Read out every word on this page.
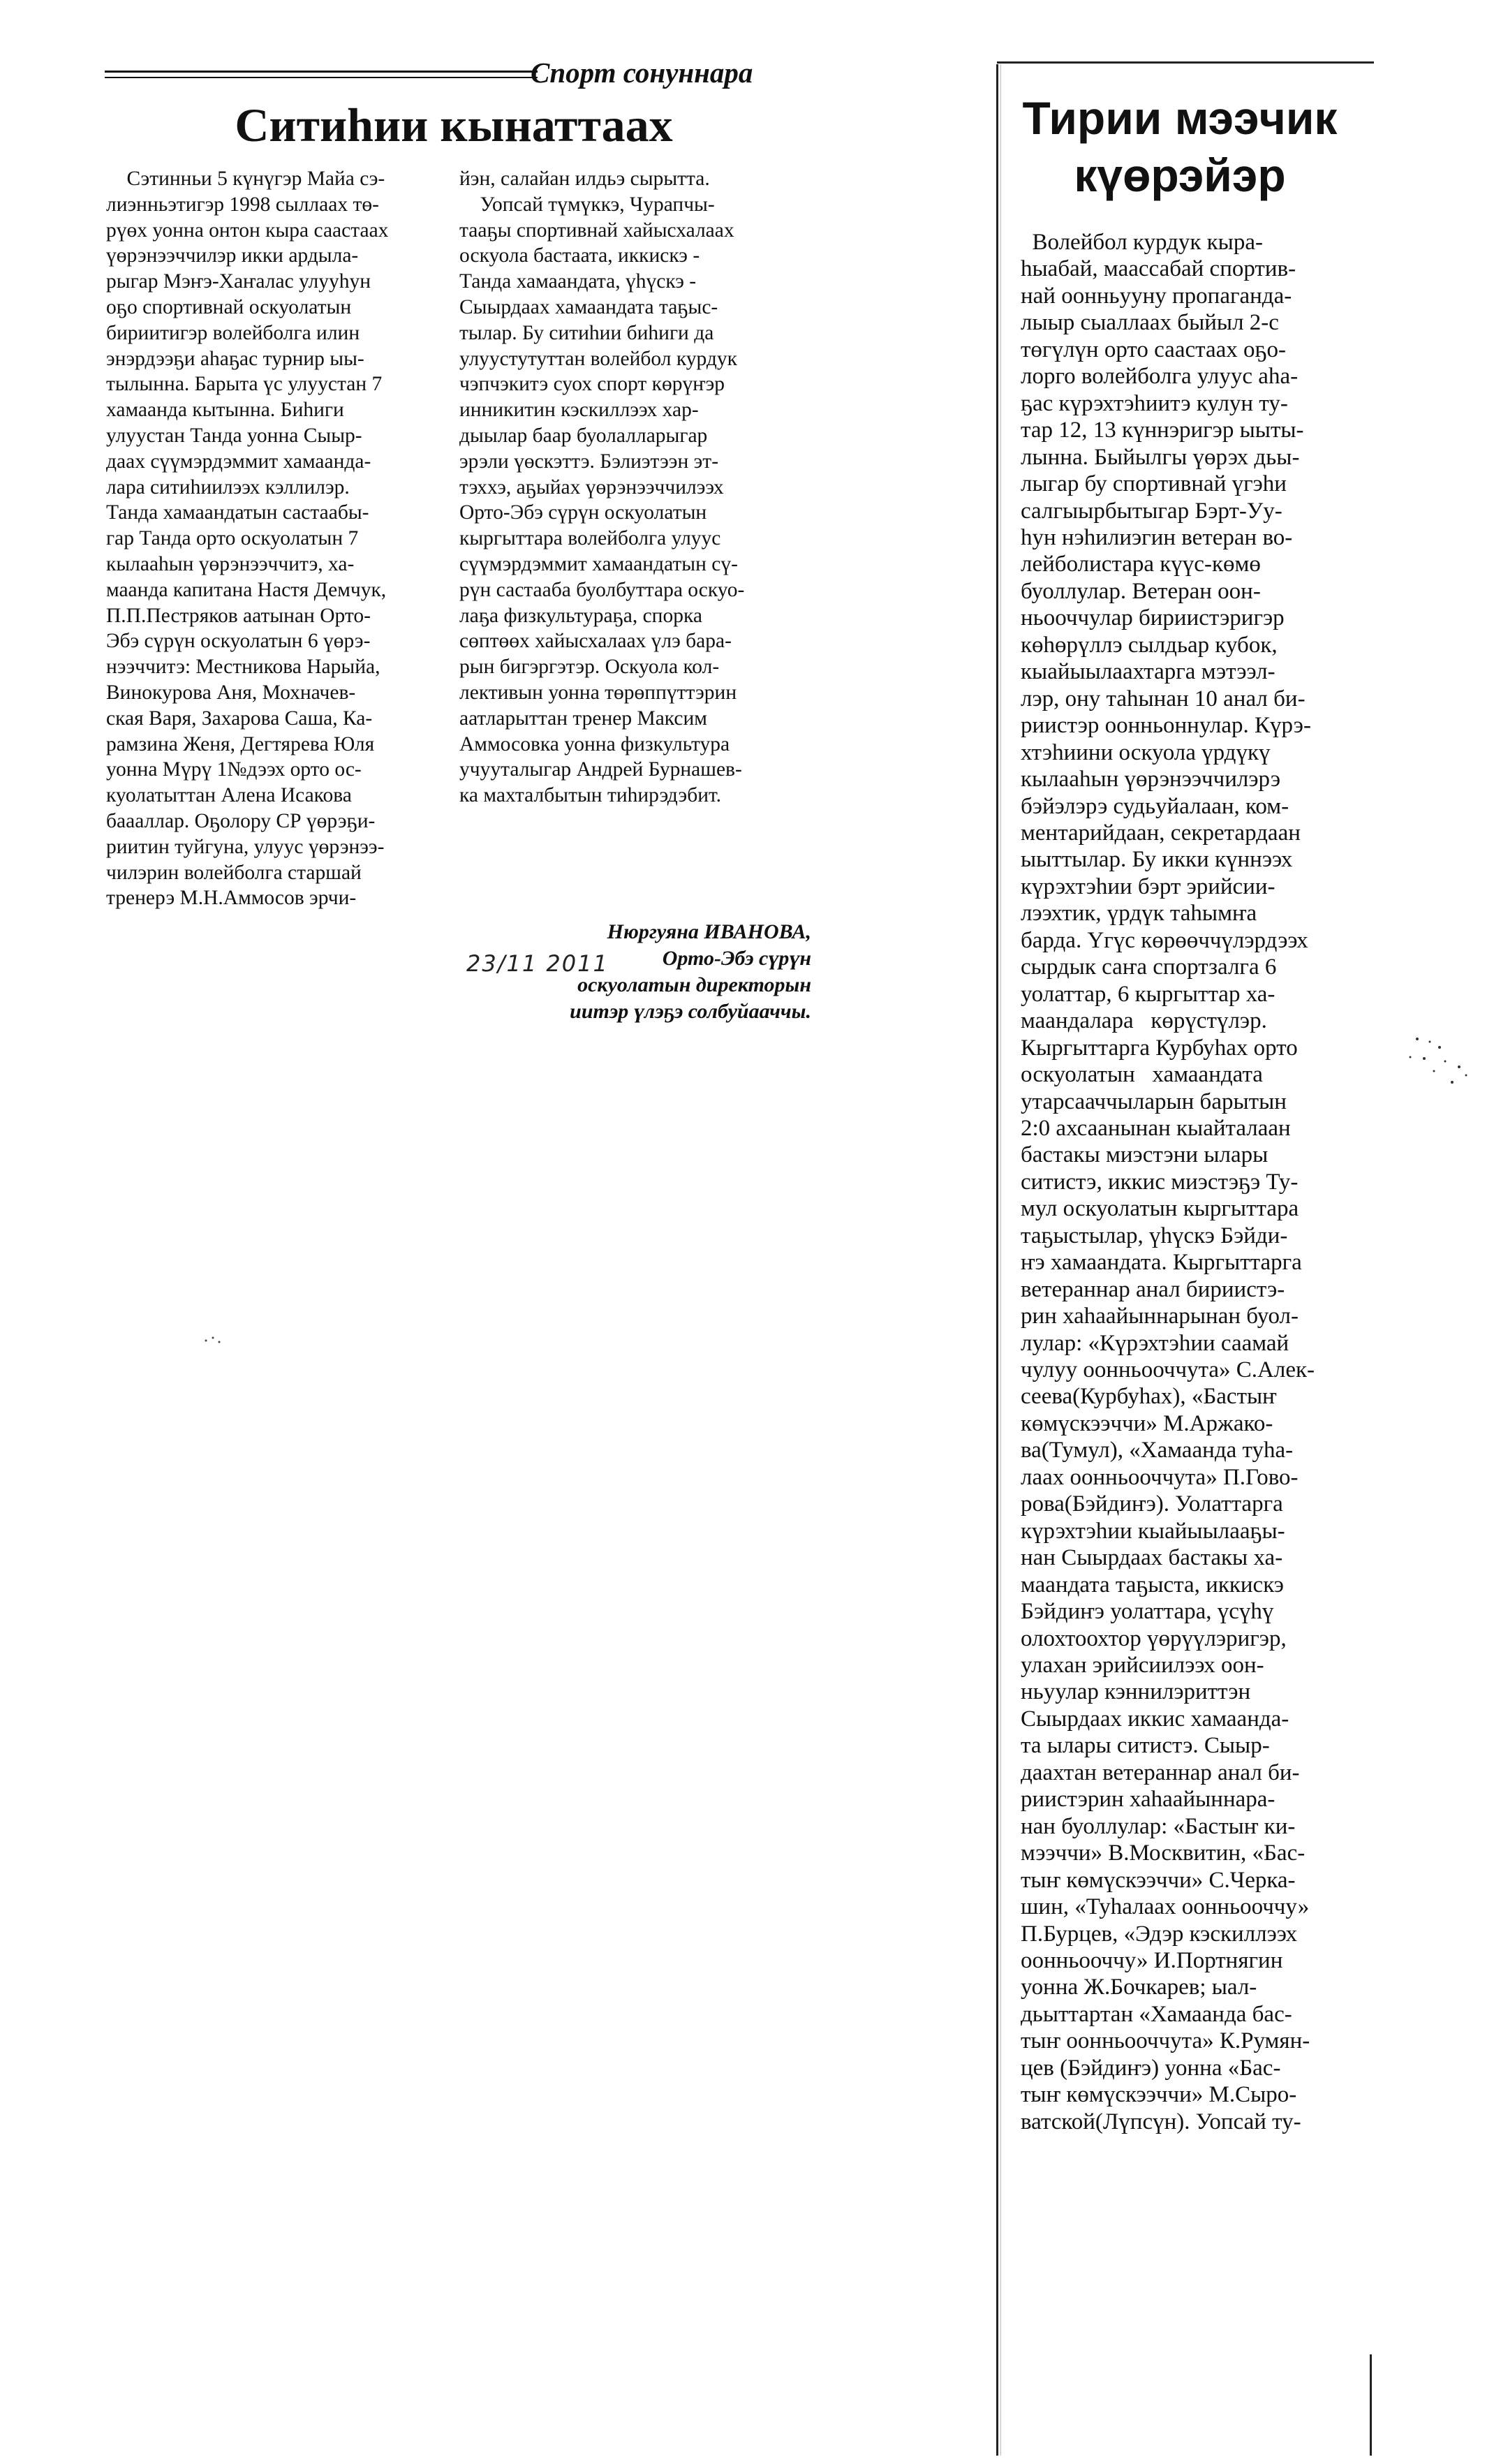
Спорт сонуннара
Ситиһии кынаттаах
Сэтинньи 5 күнүгэр Майа сэ-
лиэнньэтигэр 1998 сыллаах тө-
рүөх уонна онтон кыра саастаах
үөрэнээччилэр икки ардыла-
рыгар Мэҥэ-Хаҥалас улууһун
оҕо спортивнай оскуолатын
бириитигэр волейболга илин
энэрдээҕи аһаҕас турнир ыы-
тылынна. Барыта үс улуустан 7
хамаанда кытынна. Биһиги
улуустан Танда уонна Сыыр-
даах сүүмэрдэммит хамаанда-
лара ситиһиилээх кэллилэр.
Танда хамаандатын састаабы-
гар Танда орто оскуолатын 7
кылааһын үөрэнээччитэ, ха-
маанда капитана Настя Демчук,
П.П.Пестряков аатынан Орто-
Эбэ сүрүн оскуолатын 6 үөрэ-
нээччитэ: Местникова Нарыйа,
Винокурова Аня, Мохначев-
ская Варя, Захарова Саша, Ка-
рамзина Женя, Дегтярева Юля
уонна Мүрү 1№дээх орто ос-
куолатыттан Алена Исакова
баааллар. Оҕолору СР үөрэҕи-
риитин туйгуна, улуус үөрэнээ-
чилэрин волейболга старшай
тренерэ М.Н.Аммосов эрчи-
йэн, салайан илдьэ сырытта.
Уопсай түмүккэ, Чурапчы-
тааҕы спортивнай хайысхалаах
оскуола бастаата, иккискэ -
Танда хамаандата, үһүскэ -
Сыырдаах хамаандата таҕыс-
тылар. Бу ситиһии биһиги да
улуустутуттан волейбол курдук
чэпчэкитэ суох спорт көрүҥэр
инникитин кэскиллээх хар-
дыылар баар буолалларыгар
эрэли үөскэттэ. Бэлиэтээн эт-
тэххэ, аҕыйах үөрэнээччилээх
Орто-Эбэ сүрүн оскуолатын
кыргыттара волейболга улуус
сүүмэрдэммит хамаандатын сү-
рүн састааба буолбуттара оскуо-
лаҕа физкультураҕа, спорка
сөптөөх хайысхалаах үлэ бара-
рын бигэргэтэр. Оскуола кол-
лективын уонна төрөппүттэрин
аатларыттан тренер Максим
Аммосовка уонна физкультура
учууталыгар Андрей Бурнашев-
ка махталбытын тиһирэдэбит.
Нюргуяна ИВАНОВА,
Орто-Эбэ сүрүн
оскуолатын директорын
иитэр үлэҕэ солбуйааччы.
23/11 2011
Тирии мээчик
күөрэйэр
Волейбол курдук кыра-
һыабай, маассабай спортив-
най оонньууну пропаганда-
лыыр сыаллаах быйыл 2-с
төгүлүн орто саастаах оҕо-
лорго волейболга улуус аһа-
ҕас күрэхтэһиитэ кулун ту-
тар 12, 13 күннэригэр ыыты-
лынна. Быйылгы үөрэх дьы-
лыгар бу спортивнай үгэһи
салгыырбытыгар Бэрт-Уу-
һун нэһилиэгин ветеран во-
лейболистара күүс-көмө
буоллулар. Ветеран оон-
ньооччулар бириистэригэр
көһөрүллэ сылдьар кубок,
кыайыылаахтарга мэтээл-
лэр, ону таһынан 10 анал би-
риистэр оонньоннулар. Күрэ-
хтэһиини оскуола үрдүкү
кылааһын үөрэнээччилэрэ
бэйэлэрэ судьуйалаан, ком-
ментарийдаан, секретардаан
ыыттылар. Бу икки күннээх
күрэхтэһии бэрт эрийсии-
лээхтик, үрдүк таһымҥа
барда. Үгүс көрөөччүлэрдээх
сырдык саҥа спортзалга 6
уолаттар, 6 кыргыттар ха-
маандалара   көрүстүлэр.
Кыргыттарга Курбуһах орто
оскуолатын   хамаандата
утарсааччыларын барытын
2:0 ахсаанынан кыайталаан
бастакы миэстэни ылары
ситистэ, иккис миэстэҕэ Ту-
мул оскуолатын кыргыттара
таҕыстылар, үһүскэ Бэйди-
ҥэ хамаандата. Кыргыттарга
ветераннар анал бириистэ-
рин хаһаайыннарынан буол-
лулар: «Күрэхтэһии саамай
чулуу оонньооччута» С.Алек-
сеева(Курбуһах), «Бастыҥ
көмүскээччи» М.Аржако-
ва(Тумул), «Хамаанда туһа-
лаах оонньооччута» П.Гово-
рова(Бэйдиҥэ). Уолаттарга
күрэхтэһии кыайыылааҕы-
нан Сыырдаах бастакы ха-
маандата таҕыста, иккискэ
Бэйдиҥэ уолаттара, үсүһү
олохтоохтор үөрүүлэригэр,
улахан эрийсиилээх оон-
ньуулар кэннилэриттэн
Сыырдаах иккис хамаанда-
та ылары ситистэ. Сыыр-
даахтан ветераннар анал би-
риистэрин хаһаайыннара-
нан буоллулар: «Бастыҥ ки-
мээччи» В.Москвитин, «Бас-
тыҥ көмүскээччи» С.Черка-
шин, «Туһалаах оонньооччу»
П.Бурцев, «Эдэр кэскиллээх
оонньооччу» И.Портнягин
уонна Ж.Бочкарев; ыал-
дьыттартан «Хамаанда бас-
тыҥ оонньооччута» К.Румян-
цев (Бэйдиҥэ) уонна «Бас-
тыҥ көмүскээччи» М.Сыро-
ватской(Лүпсүн). Уопсай ту-
